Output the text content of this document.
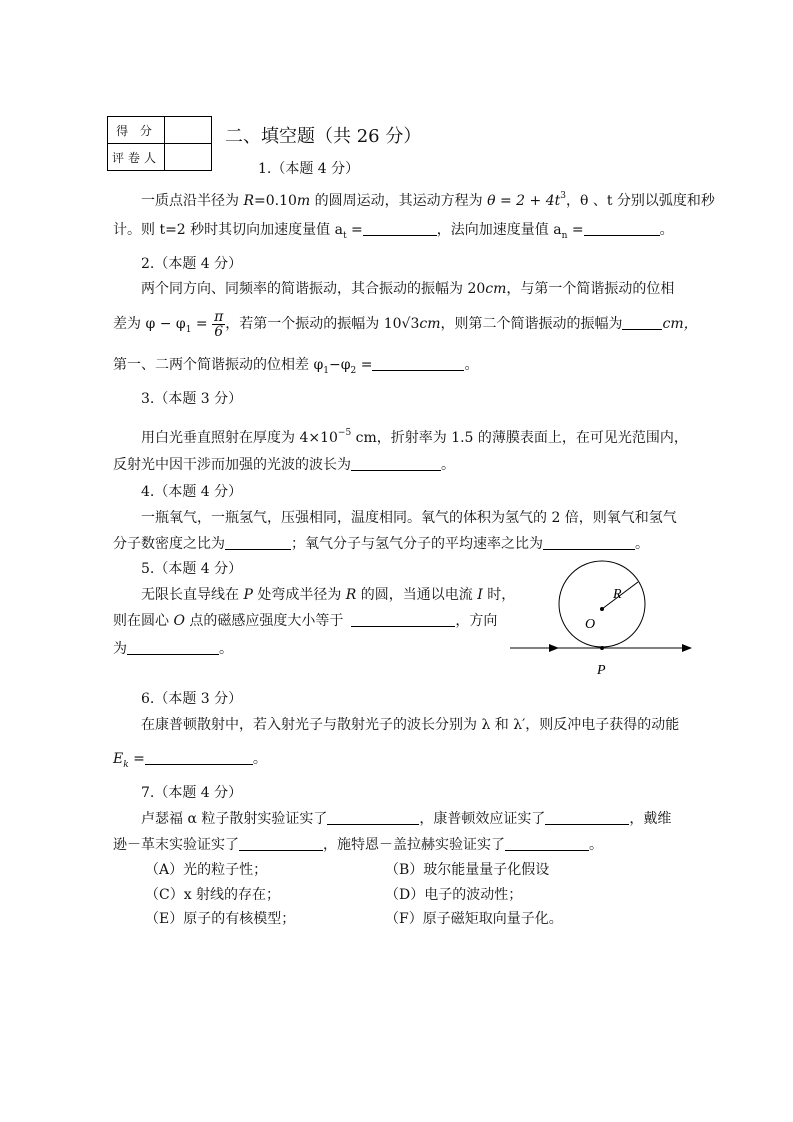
得 分	
评卷人	
二、填空题（共 26 分）
1.（本题 4 分）
一质点沿半径为 R=0.10m 的圆周运动，其运动方程为 $\theta = 2 + 4t^3$，θ 、t 分别以弧度和秒
计。则 t=2 秒时其切向加速度量值 $a_t$ =	，法向加速度量值 $a_n$ =	。
2.（本题 4 分）
两个同方向、同频率的简谐振动，其合振动的振幅为 20cm，与第一个简谐振动的位相
差为 $\varphi - \varphi_1 = \frac{\pi}{6}$ ，若第一个振动的振幅为 10√3cm，则第二个简谐振动的振幅为	cm，
第一、二两个简谐振动的位相差 $\varphi_1-\varphi_2$ =	。
3.（本题 3 分）
用白光垂直照射在厚度为 $4\times 10^{-5}$ cm，折射率为 1.5 的薄膜表面上，在可见光范围内，
反射光中因干涉而加强的光波的波长为	。
4.（本题 4 分）
一瓶氧气，一瓶氢气，压强相同，温度相同。氧气的体积为氢气的 2 倍，则氧气和氢气
分子数密度之比为	；氧气分子与氢气分子的平均速率之比为	。
5.（本题 4 分）
无限长直导线在 P 处弯成半径为 R 的圆，当通以电流 I 时，
则在圆心 O 点的磁感应强度大小等于	，方向
为	。
R
O
P
6.（本题 3 分）
在康普顿散射中，若入射光子与散射光子的波长分别为 λ 和 λ′，则反冲电子获得的动能
$E_k$ =	。
7.（本题 4 分）
卢瑟福 α 粒子散射实验证实了	，康普顿效应证实了	，戴维
逊－革末实验证实了	，施特恩－盖拉赫实验证实了	。
（A）光的粒子性；	（B）玻尔能量量子化假设
（C）x 射线的存在；	（D）电子的波动性；
（E）原子的有核模型；	（F）原子磁矩取向量子化。
